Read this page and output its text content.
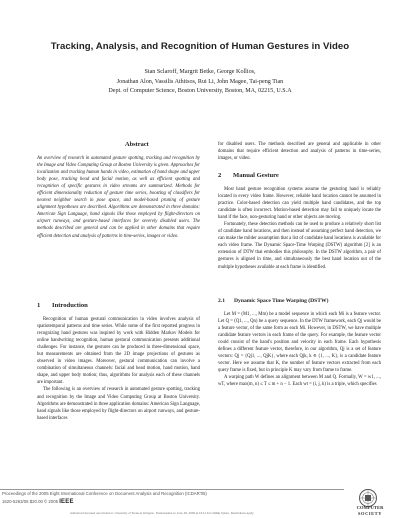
Tracking, Analysis, and Recognition of Human Gestures in Video
Stan Sclaroff, Margrit Betke, George Kollios,
Jonathan Alon, Vassilis Athitsos, Rui Li, John Magee, Tai-peng Tian
Dept. of Computer Science, Boston University, Boston, MA, 02215, U.S.A
Abstract
An overview of research in automated gesture spotting, tracking and recognition by the Image and Video Computing Group at Boston University is given. Approaches for localization and tracking human hands in video, estimation of hand shape and upper body pose, tracking head and facial motion, as well as efficient spotting and recognition of specific gestures in video streams are summarized. Methods for efficient dimensionality reduction of gesture time series, boosting of classifiers for nearest neighbor search in pose space, and model-based pruning of gesture alignment hypotheses are described. Algorithms are demonstrated in three domains: American Sign Language, hand signals like those employed by flight-directors on airport runways, and gesture-based interfaces for severely disabled users. The methods described are general and can be applied in other domains that require efficient detection and analysis of patterns in time-series, images or video.
1 Introduction

Recognition of human gestural communication in video involves analysis of spatiotemporal patterns and time series. While some of the first reported progress in recognizing hand gestures was inspired by work with Hidden Markov Models for online handwriting recognition, human gestural communication presents additional challenges. For instance, the gestures can be produced in three-dimensional space, but measurements are obtained from the 2D image projections of gestures as observed in video images. Moreover, gestural communication can involve a combination of simultaneous channels: facial and head motion, hand motion, hand shape, and upper body motion; thus, algorithms for analysis each of these channels are important.

The following is an overview of research in automated gesture spotting, tracking and recognition by the Image and Video Computing Group at Boston University. Algorithms are demonstrated in three application domains: American Sign Language, hand signals like those employed by flight-directors on airport runways, and gesture-based interfaces

for disabled users. The methods described are general and applicable in other domains that require efficient detection and analysis of patterns in time-series, images, or video.

2 Manual Gesture

Most hand gesture recognition systems assume the gesturing hand is reliably located in every video frame. However, reliable hand location cannot be assumed in practice. Color-based detection can yield multiple hand candidates, and the top candidate is often incorrect. Motion-based detection may fail to uniquely locate the hand if the face, non-gesturing hand or other objects are moving.

Fortunately, these detection methods can be used to produce a relatively short list of candidate hand locations, and then instead of assuming perfect hand detection, we can make the milder assumption that a list of candidate hand locations is available for each video frame. The Dynamic Space-Time Warping (DSTW) algorithm [2] is an extension of DTW that embodies this philosophy. In the DSTW algorithm, a pair of gestures is aligned in time, and simultaneously the best hand location out of the multiple hypotheses available at each frame is identified.

2.1 Dynamic Space Time Warping (DSTW)

Let M = (M1, ..., Mm) be a model sequence in which each Mi is a feature vector. Let Q = (Q1, ..., Qn) be a query sequence. In the DTW framework, each Qj would be a feature vector, of the same form as each Mi. However, in DSTW, we have multiple candidate feature vectors in each frame of the query. For example, the feature vector could consist of the hand's position and velocity in each frame. Each hypothesis defines a different feature vector, therefore, in our algorithm, Qj is a set of feature vectors: Qj = {Qj1, ..., QjK}, where each Qjk, k ∈ {1, ..., K}, is a candidate feature vector. Here we assume that K, the number of feature vectors extracted from each query frame is fixed, but in principle K may vary from frame to frame.

A warping path W defines an alignment between M and Q. Formally, W = w1, ..., wT, where max(m, n) ≤ T ≤ m + n − 1. Each wt = (i, j, k) is a triple, which specifies

Proceedings of the 2005 Eight International Conference on Document Analysis and Recognition (ICDAR'05)
1520-5263/05 $20.00 © 2005 IEEE
Authorized licensed use limited to: University of Texas at Arlington. Downloaded on June 29, 2009 at 16:11 from IEEE Xplore. Restrictions apply.
COMPUTER
SOCIETY
